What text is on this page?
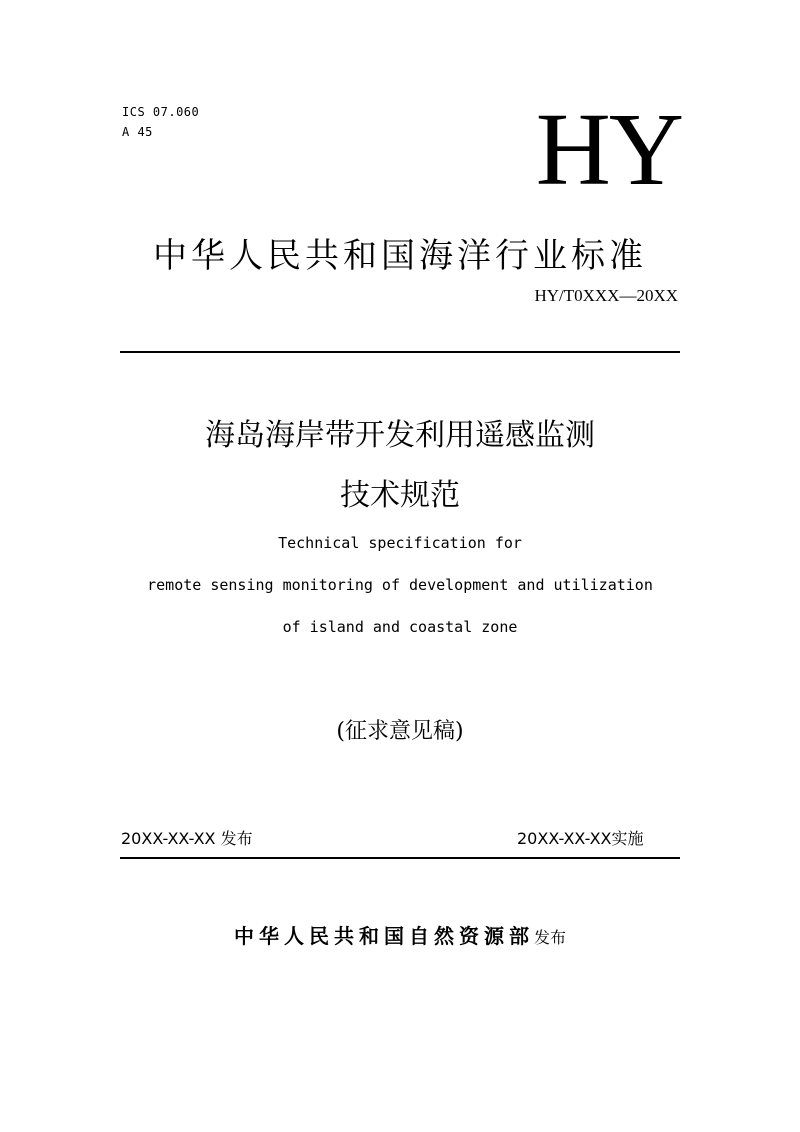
ICS 07.060
A 45	HY
中华人民共和国海洋行业标准
HY/T0XXX—20XX
海岛海岸带开发利用遥感监测
技术规范
Technical specification for
remote sensing monitoring of development and utilization
of island and coastal zone
(征求意见稿)
20XX-XX-XX 发布	20XX-XX-XX实施
中华人民共和国自然资源部发布
